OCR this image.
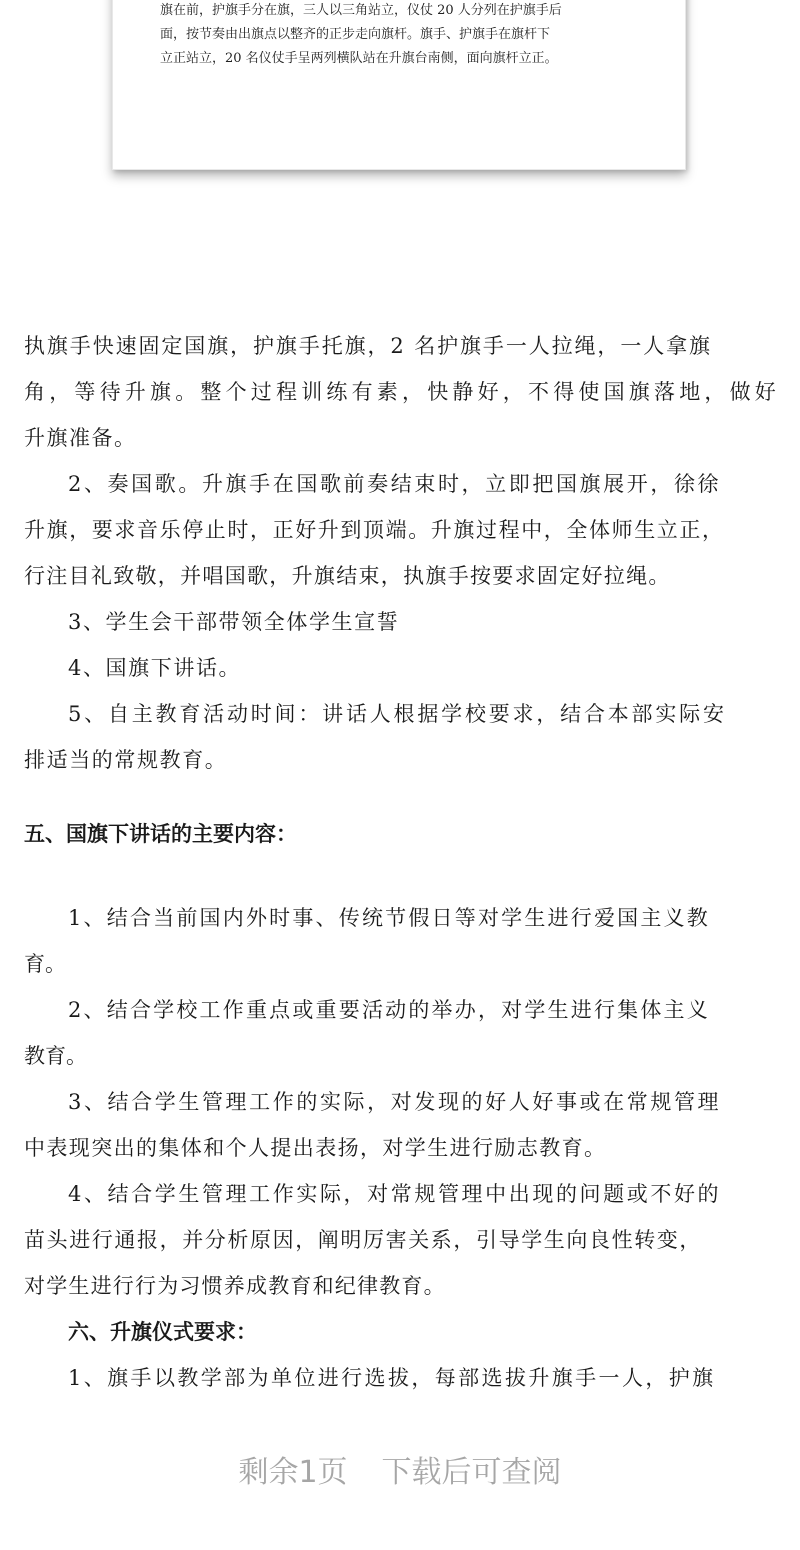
旗在前，护旗手分在旗，三人以三角站立，仪仗 20 人分列在护旗手后
面，按节奏由出旗点以整齐的正步走向旗杆。旗手、护旗手在旗杆下
立正站立，20 名仪仗手呈两列横队站在升旗台南侧，面向旗杆立正。
执旗手快速固定国旗，护旗手托旗，2 名护旗手一人拉绳，一人拿旗
角，等待升旗。整个过程训练有素，快静好，不得使国旗落地，做好
升旗准备。
2、奏国歌。升旗手在国歌前奏结束时，立即把国旗展开，徐徐
升旗，要求音乐停止时，正好升到顶端。升旗过程中，全体师生立正，
行注目礼致敬，并唱国歌，升旗结束，执旗手按要求固定好拉绳。
3、学生会干部带领全体学生宣誓
4、国旗下讲话。
5、自主教育活动时间：讲话人根据学校要求，结合本部实际安
排适当的常规教育。
五、国旗下讲话的主要内容：
1、结合当前国内外时事、传统节假日等对学生进行爱国主义教
育。
2、结合学校工作重点或重要活动的举办，对学生进行集体主义
教育。
3、结合学生管理工作的实际，对发现的好人好事或在常规管理
中表现突出的集体和个人提出表扬，对学生进行励志教育。
4、结合学生管理工作实际，对常规管理中出现的问题或不好的
苗头进行通报，并分析原因，阐明厉害关系，引导学生向良性转变，
对学生进行行为习惯养成教育和纪律教育。
六、升旗仪式要求：
1、旗手以教学部为单位进行选拔，每部选拔升旗手一人，护旗
剩余1页 下载后可查阅
